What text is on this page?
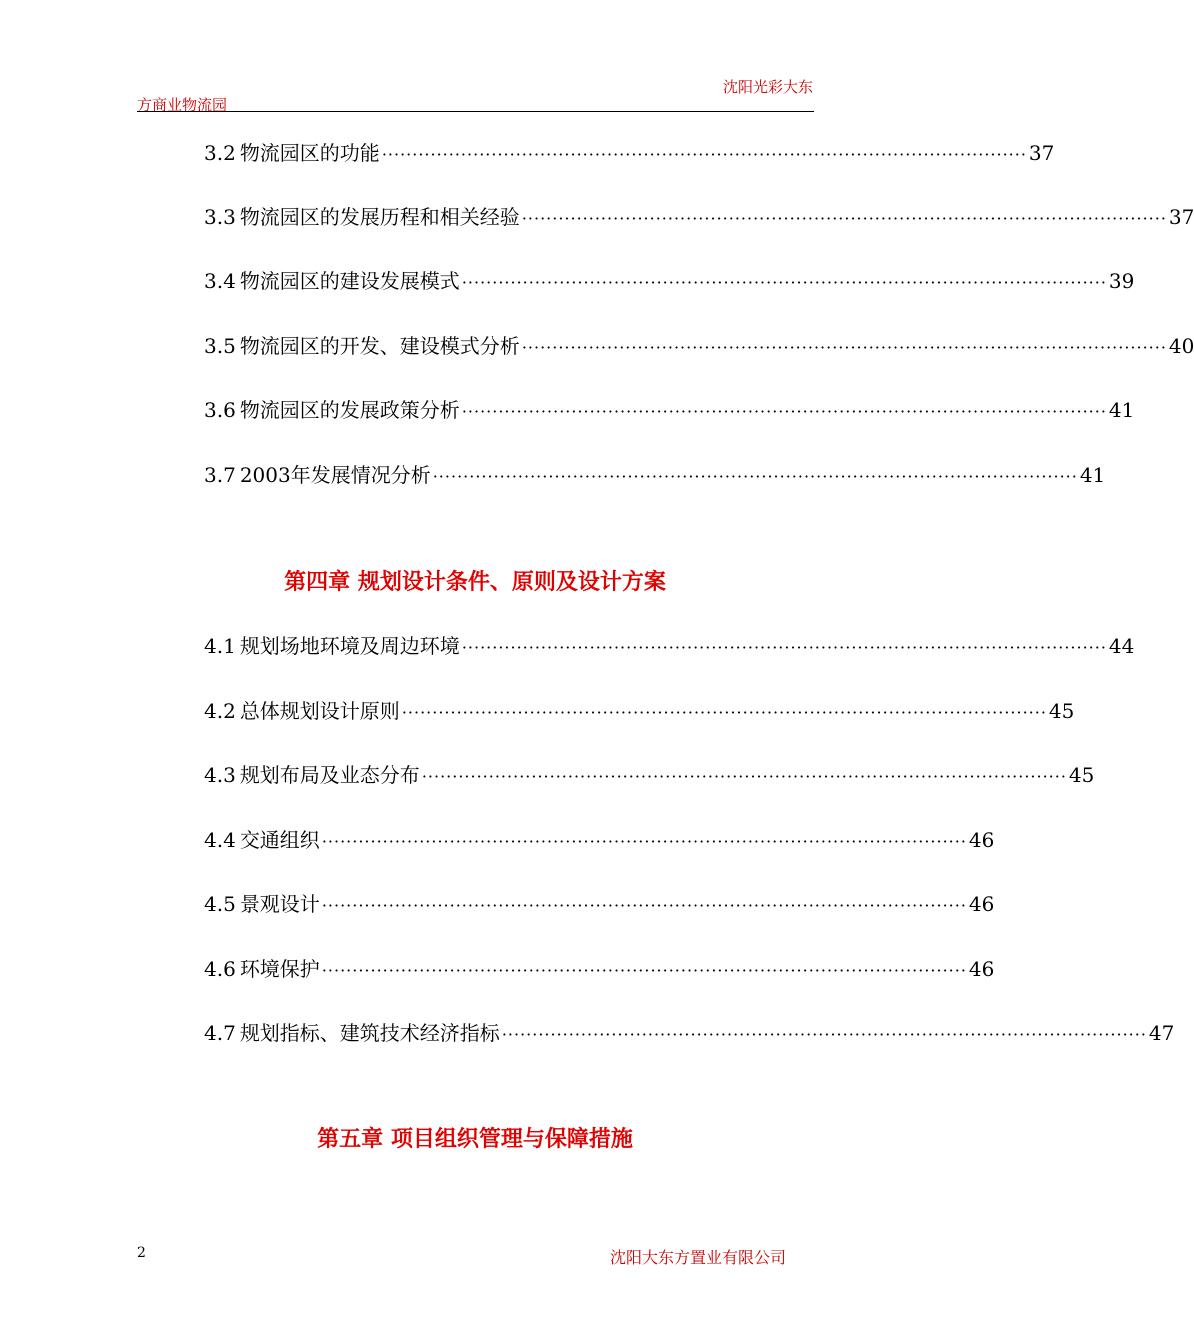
沈阳光彩大东
方商业物流园
3.2 物流园区的功能 ·········································································································· 37
3.3 物流园区的发展历程和相关经验 ·········································································································· 37
3.4 物流园区的建设发展模式 ·········································································································· 39
3.5 物流园区的开发、建设模式分析 ·········································································································· 40
3.6 物流园区的发展政策分析 ·········································································································· 41
3.7 2003年发展情况分析 ·········································································································· 41
第四章 规划设计条件、原则及设计方案
4.1 规划场地环境及周边环境 ·········································································································· 44
4.2 总体规划设计原则 ·········································································································· 45
4.3 规划布局及业态分布 ·········································································································· 45
4.4 交通组织 ·········································································································· 46
4.5 景观设计 ·········································································································· 46
4.6 环境保护 ·········································································································· 46
4.7 规划指标、建筑技术经济指标 ·········································································································· 47
第五章 项目组织管理与保障措施
2	沈阳大东方置业有限公司
